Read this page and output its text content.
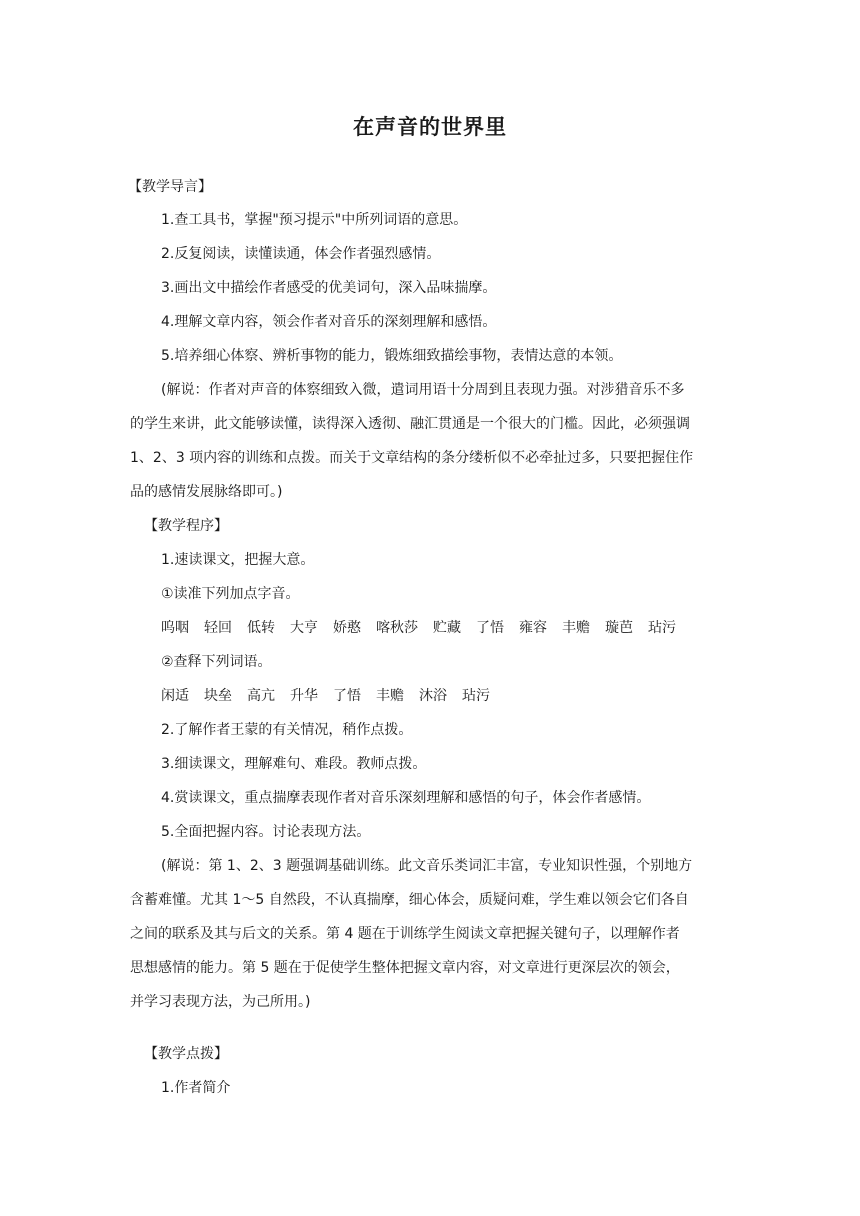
在声音的世界里
【教学导言】
1.查工具书，掌握"预习提示"中所列词语的意思。
2.反复阅读，读懂读通，体会作者强烈感情。
3.画出文中描绘作者感受的优美词句，深入品味揣摩。
4.理解文章内容，领会作者对音乐的深刻理解和感悟。
5.培养细心体察、辨析事物的能力，锻炼细致描绘事物，表情达意的本领。
(解说：作者对声音的体察细致入微，遣词用语十分周到且表现力强。对涉猎音乐不多
的学生来讲，此文能够读懂，读得深入透彻、融汇贯通是一个很大的门槛。因此，必须强调
1、2、3 项内容的训练和点拨。而关于文章结构的条分缕析似不必牵扯过多，只要把握住作
品的感情发展脉络即可。)
【教学程序】
1.速读课文，把握大意。
①读准下列加点字音。
呜咽 轻回 低转 大亨 娇憨 喀秋莎 贮藏 了悟 雍容 丰赡 璇芭 玷污
②查释下列词语。
闲适 块垒 高亢 升华 了悟 丰赡 沐浴 玷污
2.了解作者王蒙的有关情况，稍作点拨。
3.细读课文，理解难句、难段。教师点拨。
4.赏读课文，重点揣摩表现作者对音乐深刻理解和感悟的句子，体会作者感情。
5.全面把握内容。讨论表现方法。
(解说：第 1、2、3 题强调基础训练。此文音乐类词汇丰富，专业知识性强，个别地方
含蓄难懂。尤其 1～5 自然段，不认真揣摩，细心体会，质疑问难，学生难以领会它们各自
之间的联系及其与后文的关系。第 4 题在于训练学生阅读文章把握关键句子，以理解作者
思想感情的能力。第 5 题在于促使学生整体把握文章内容，对文章进行更深层次的领会，
并学习表现方法，为己所用。)
【教学点拨】
1.作者简介
